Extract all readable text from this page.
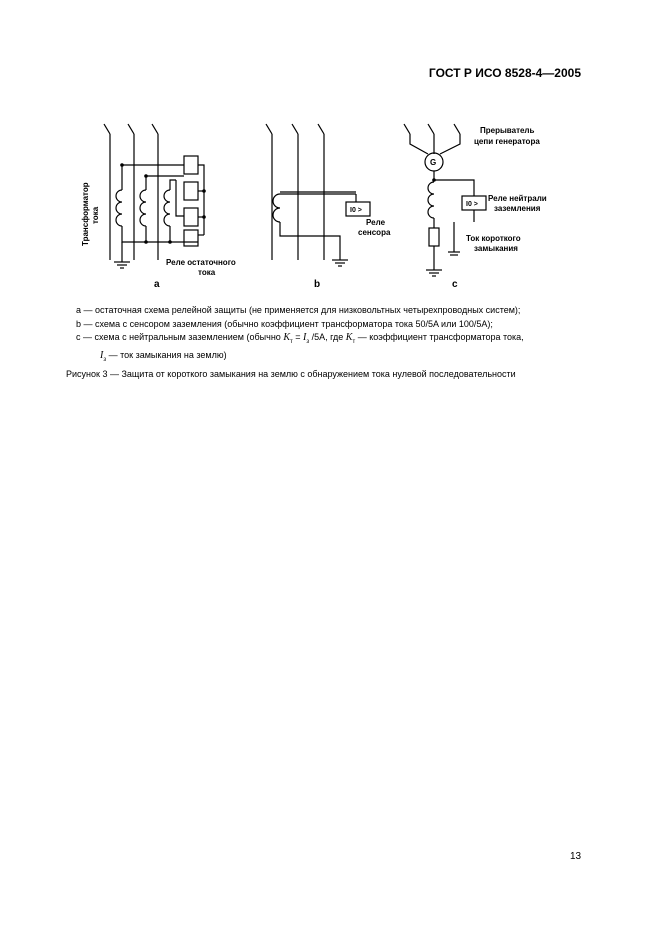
ГОСТ Р ИСО 8528-4—2005
Трансформатор тока
Реле остаточного
тока
a
I0 >
Реле
сенсора
b
Прерыватель
цепи генератора
G
I0 >
Реле нейтрали
заземления
Ток короткого
замыкания
c
a — остаточная схема релейной защиты (не применяется для низковольтных четырехпроводных систем);
b — схема с сенсором заземления (обычно коэффициент трансформатора тока 50/5A или 100/5A);
с — схема с нейтральным заземлением (обычно $K_т = I_з$ /5A, где $K_т$ — коэффициент трансформатора тока,
$I_з$ — ток замыкания на землю)
Рисунок 3 — Защита от короткого замыкания на землю с обнаружением тока нулевой последовательности
13
